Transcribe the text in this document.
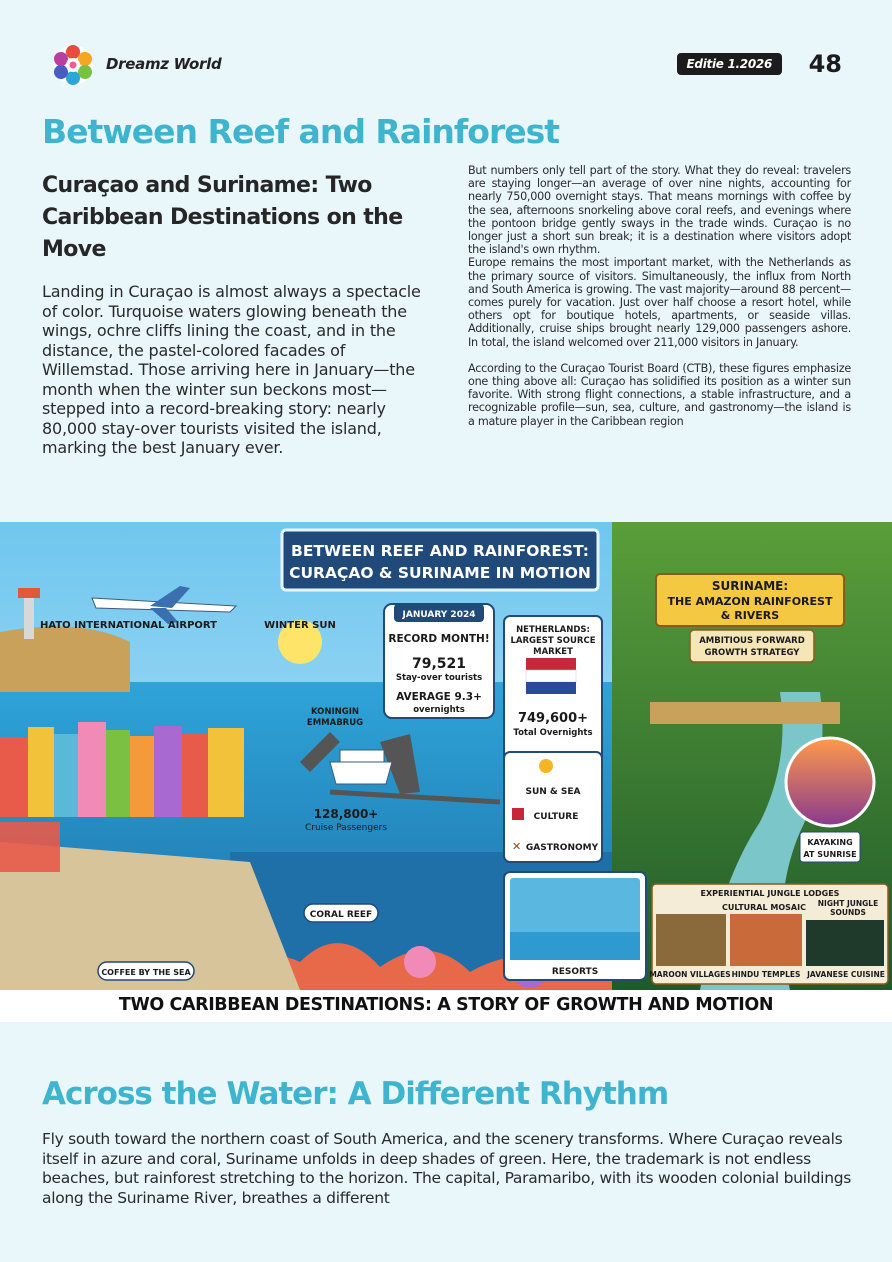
Dreamz World	Editie 1.2026	48
Between Reef and Rainforest
Curaçao and Suriname: Two Caribbean Destinations on the Move

Landing in Curaçao is almost always a spectacle of color. Turquoise waters glowing beneath the wings, ochre cliffs lining the coast, and in the distance, the pastel-colored facades of Willemstad. Those arriving here in January—the month when the winter sun beckons most—stepped into a record-breaking story: nearly 80,000 stay-over tourists visited the island, marking the best January ever.

But numbers only tell part of the story. What they do reveal: travelers are staying longer—an average of over nine nights, accounting for nearly 750,000 overnight stays. That means mornings with coffee by the sea, afternoons snorkeling above coral reefs, and evenings where the pontoon bridge gently sways in the trade winds. Curaçao is no longer just a short sun break; it is a destination where visitors adopt the island's own rhythm.

Europe remains the most important market, with the Netherlands as the primary source of visitors. Simultaneously, the influx from North and South America is growing. The vast majority—around 88 percent—comes purely for vacation. Just over half choose a resort hotel, while others opt for boutique hotels, apartments, or seaside villas. Additionally, cruise ships brought nearly 129,000 passengers ashore. In total, the island welcomed over 211,000 visitors in January.

According to the Curaçao Tourist Board (CTB), these figures emphasize one thing above all: Curaçao has solidified its position as a winter sun favorite. With strong flight connections, a stable infrastructure, and a recognizable profile—sun, sea, culture, and gastronomy—the island is a mature player in the Caribbean region

BETWEEN REEF AND RAINFOREST:
CURAÇAO & SURINAME IN MOTION
HATO INTERNATIONAL AIRPORT	WINTER SUN
JANUARY 2024
RECORD MONTH!
79,521
Stay-over tourists
AVERAGE 9.3+
overnights
NETHERLANDS:
LARGEST SOURCE
MARKET
749,600+
Total Overnights
KONINGIN
EMMABRUG
128,800+
Cruise Passengers
SUN & SEA
CULTURE
✕ GASTRONOMY
CORAL REEF
COFFEE BY THE SEA	RESORTS
SURINAME:
THE AMAZON RAINFOREST
& RIVERS
AMBITIOUS FORWARD
GROWTH STRATEGY
KAYAKING
AT SUNRISE
EXPERIENTIAL JUNGLE LODGES
CULTURAL MOSAIC NIGHT JUNGLE
SOUNDS
MAROON VILLAGES HINDU TEMPLES JAVANESE CUISINE
TWO CARIBBEAN DESTINATIONS: A STORY OF GROWTH AND MOTION
Across the Water: A Different Rhythm

Fly south toward the northern coast of South America, and the scenery transforms. Where Curaçao reveals itself in azure and coral, Suriname unfolds in deep shades of green. Here, the trademark is not endless beaches, but rainforest stretching to the horizon. The capital, Paramaribo, with its wooden colonial buildings along the Suriname River, breathes a different
